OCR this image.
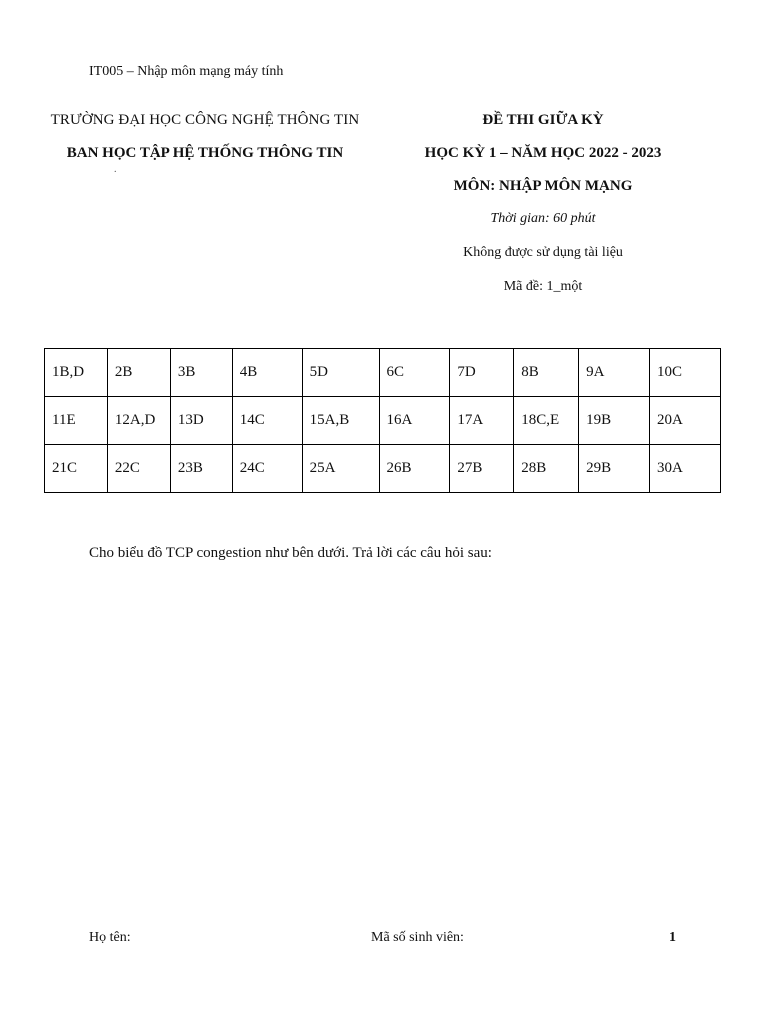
IT005 – Nhập môn mạng máy tính
TRƯỜNG ĐẠI HỌC CÔNG NGHỆ THÔNG TIN
BAN HỌC TẬP HỆ THỐNG THÔNG TIN
.
ĐỀ THI GIỮA KỲ
HỌC KỲ 1 – NĂM HỌC 2022 - 2023
MÔN: NHẬP MÔN MẠNG
Thời gian: 60 phút
Không được sử dụng tài liệu
Mã đề: 1_một
1B,D	2B	3B	4B	5D	6C	7D	8B	9A	10C
11E	12A,D	13D	14C	15A,B	16A	17A	18C,E	19B	20A
21C	22C	23B	24C	25A	26B	27B	28B	29B	30A
Cho biểu đồ TCP congestion như bên dưới. Trả lời các câu hỏi sau:
Họ tên:	Mã số sinh viên:	1
